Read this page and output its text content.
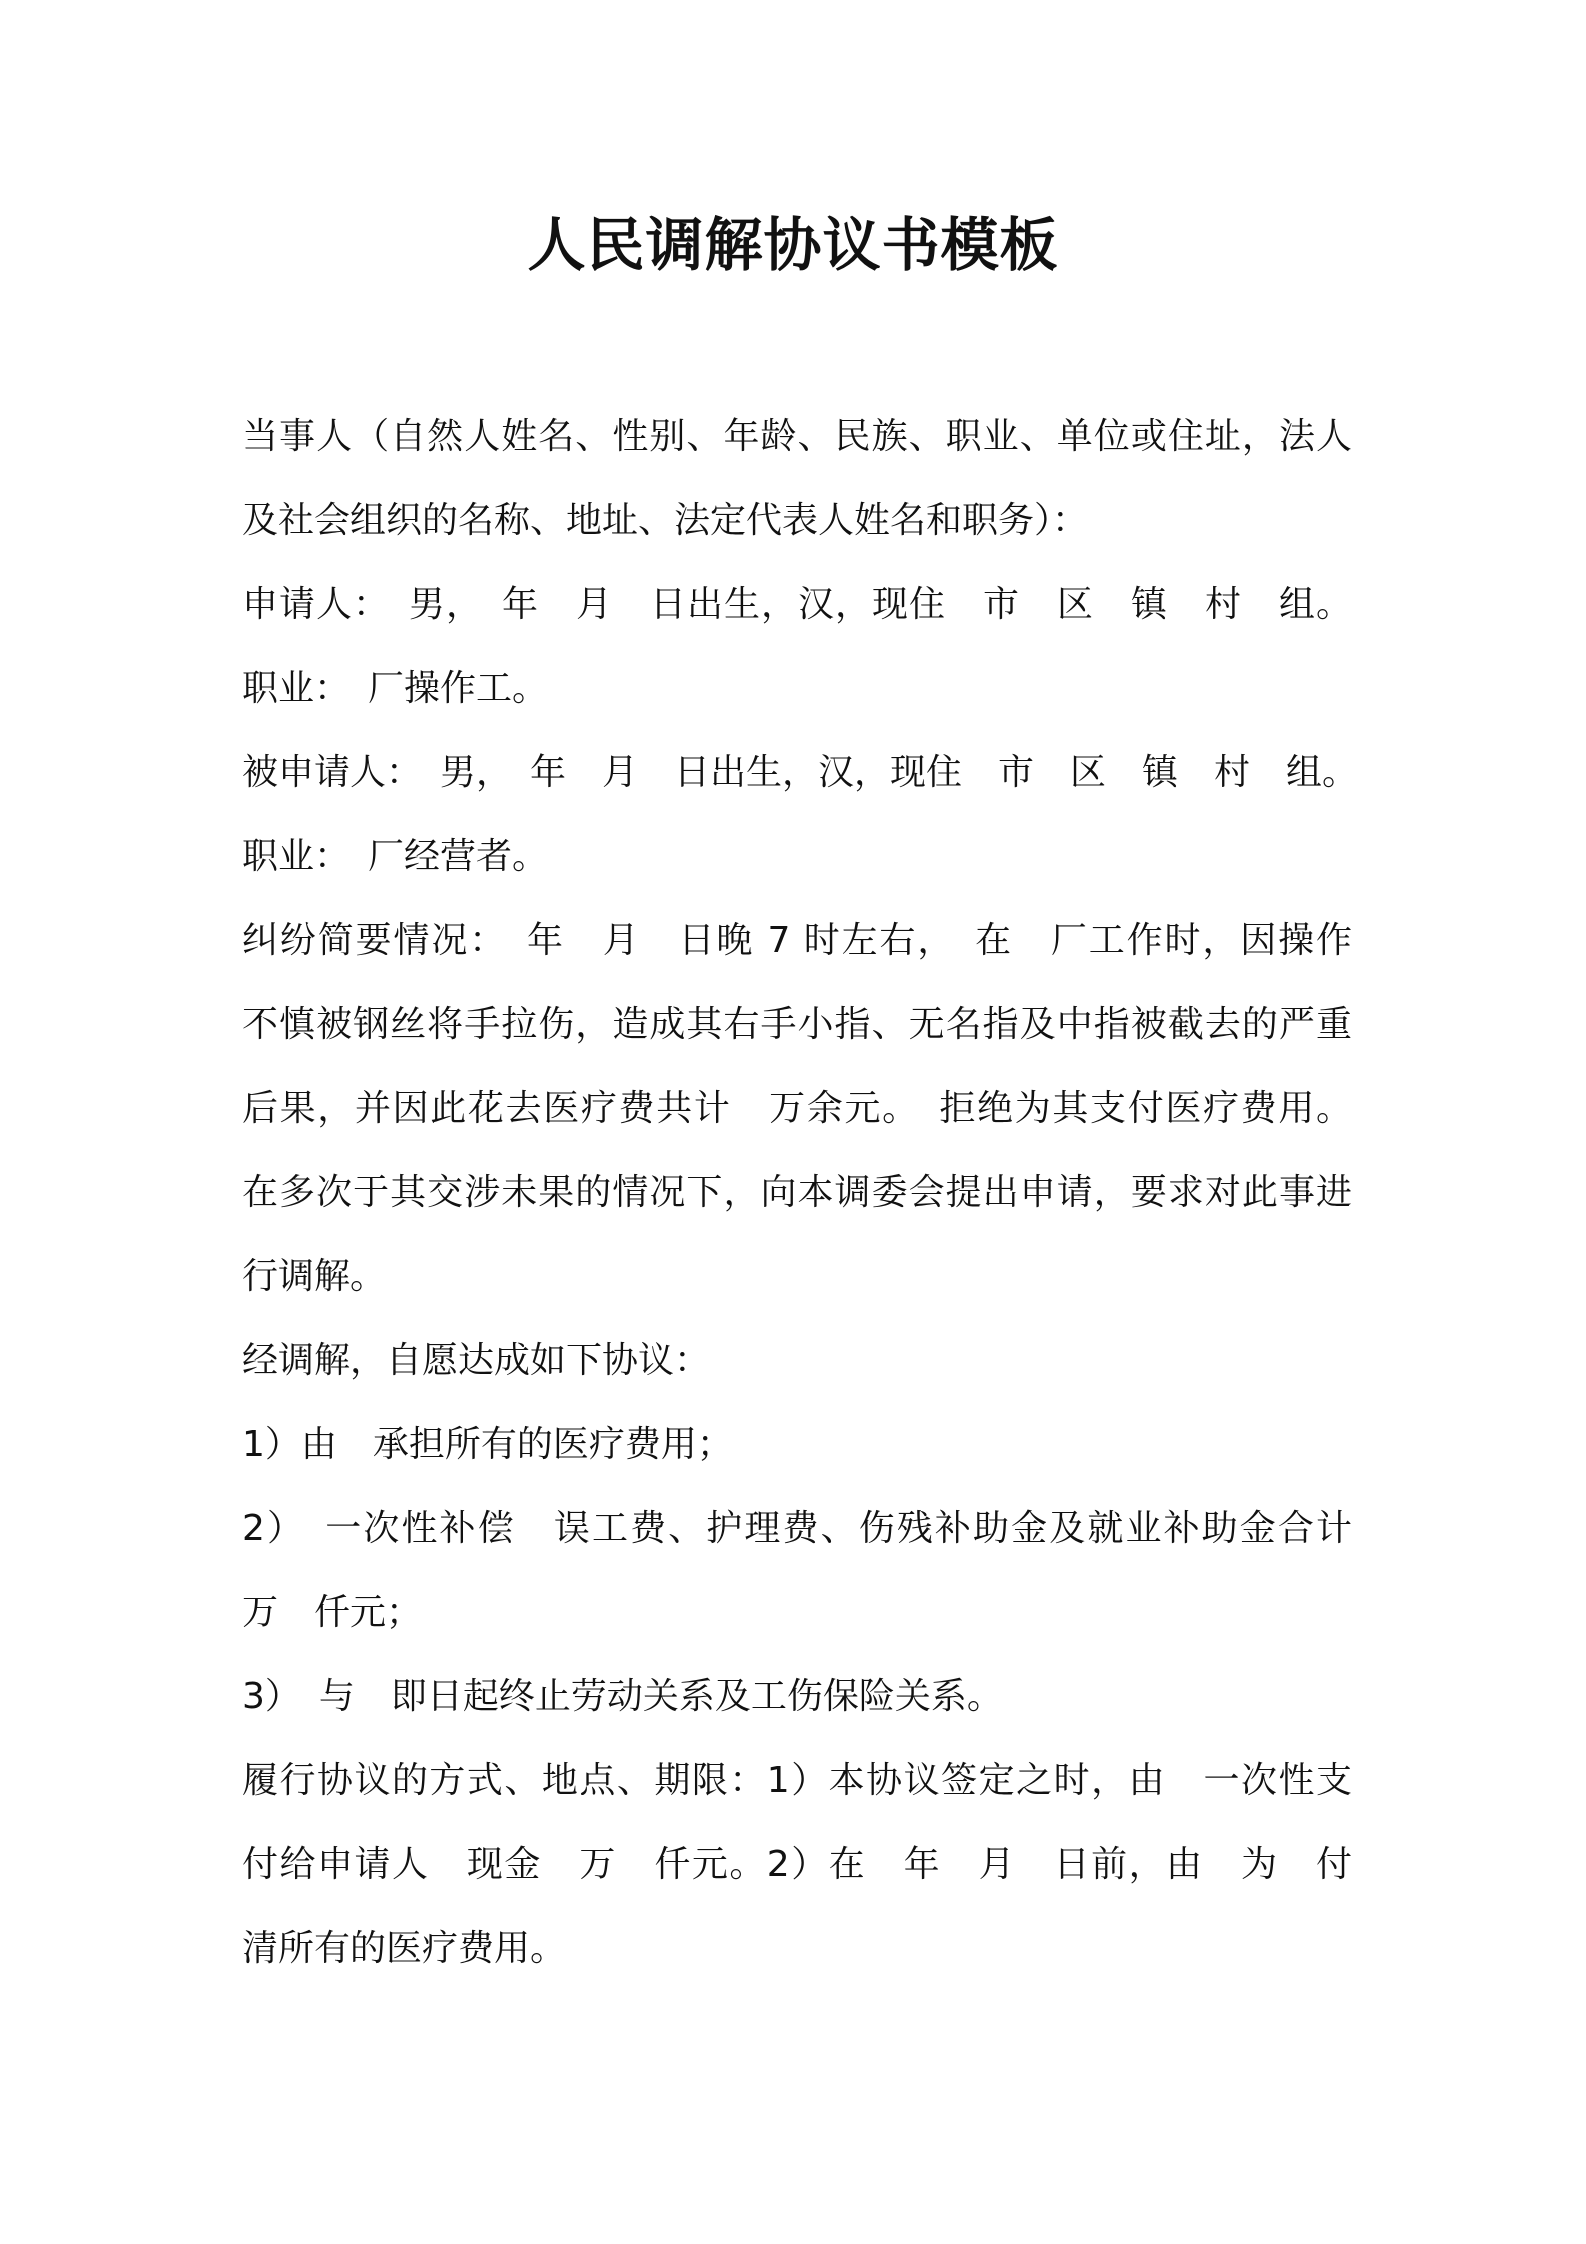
人民调解协议书模板
当事人（自然人姓名、性别、年龄、民族、职业、单位或住址，法人
及社会组织的名称、地址、法定代表人姓名和职务）：
申请人：　男，　年　月　日出生，汉，现住　市　区　镇　村　组。
职业：　厂操作工。
被申请人：　男，　年　月　日出生，汉，现住　市　区　镇　村　组。
职业：　厂经营者。
纠纷简要情况：　年　月　日晚 7 时左右，　在　厂工作时，因操作
不慎被钢丝将手拉伤，造成其右手小指、无名指及中指被截去的严重
后果，并因此花去医疗费共计　万余元。　拒绝为其支付医疗费用。
在多次于其交涉未果的情况下，向本调委会提出申请，要求对此事进
行调解。
经调解，自愿达成如下协议：
1）由　承担所有的医疗费用；
2）　一次性补偿　误工费、护理费、伤残补助金及就业补助金合计
万　仟元；
3）　与　即日起终止劳动关系及工伤保险关系。
履行协议的方式、地点、期限：1）本协议签定之时，由　一次性支
付给申请人　现金　万　仟元。2）在　年　月　日前，由　为　付
清所有的医疗费用。
